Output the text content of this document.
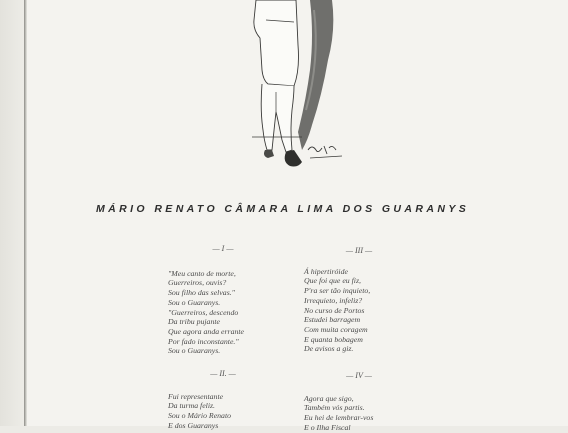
MÁRIO RENATO CÂMARA LIMA DOS GUARANYS
— I —
"Meu canto de morte,
Guerreiros, ouvis?
Sou filho das selvas."
Sou o Guaranys.
"Guerreiros, descendo
Da tribu pujante
Que agora anda errante
Por fado inconstante."
Sou o Guaranys.
— III —
Á hipertiróide
Que foi que eu fiz,
P'ra ser tão inquieto,
Irrequieto, infeliz?
No curso de Portos
Estudei barragem
Com muita coragem
E quanta bobagem
De avisos a giz.
— II. —
Fui representante
Da turma feliz.
Sou o Mário Renato
E dos Guaranys
— IV —
Agora que sigo,
Também vós partis.
Eu hei de lembrar-vos
E o Ilha Fiscal
